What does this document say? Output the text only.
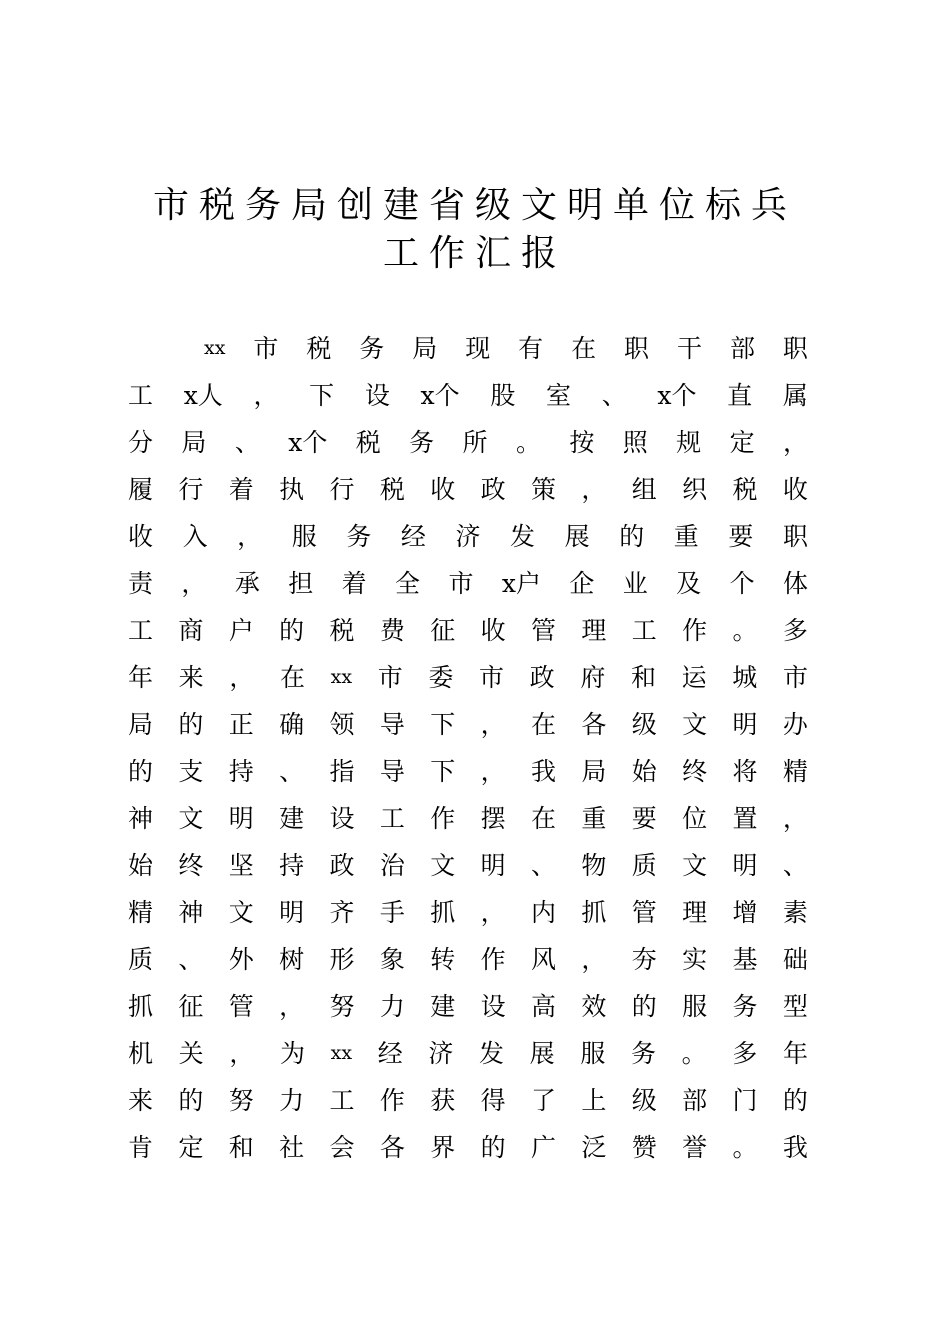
市税务局创建省级文明单位标兵
工作汇报
xx 市 税 务 局 现 有 在 职 干 部 职
工 x人 ， 下 设 x个 股 室 、 x个 直 属
分 局 、 x个 税 务 所 。 按 照 规 定 ，
履 行 着 执 行 税 收 政 策 ， 组 织 税 收
收 入 ， 服 务 经 济 发 展 的 重 要 职
责 ， 承 担 着 全 市 x户 企 业 及 个 体
工 商 户 的 税 费 征 收 管 理 工 作 。 多
年 来 ， 在 xx 市 委 市 政 府 和 运 城 市
局 的 正 确 领 导 下 ， 在 各 级 文 明 办
的 支 持 、 指 导 下 ， 我 局 始 终 将 精
神 文 明 建 设 工 作 摆 在 重 要 位 置 ，
始 终 坚 持 政 治 文 明 、 物 质 文 明 、
精 神 文 明 齐 手 抓 ， 内 抓 管 理 增 素
质 、 外 树 形 象 转 作 风 ， 夯 实 基 础
抓 征 管 ， 努 力 建 设 高 效 的 服 务 型
机 关 ， 为 xx 经 济 发 展 服 务 。 多 年
来 的 努 力 工 作 获 得 了 上 级 部 门 的
肯 定 和 社 会 各 界 的 广 泛 赞 誉 。 我
